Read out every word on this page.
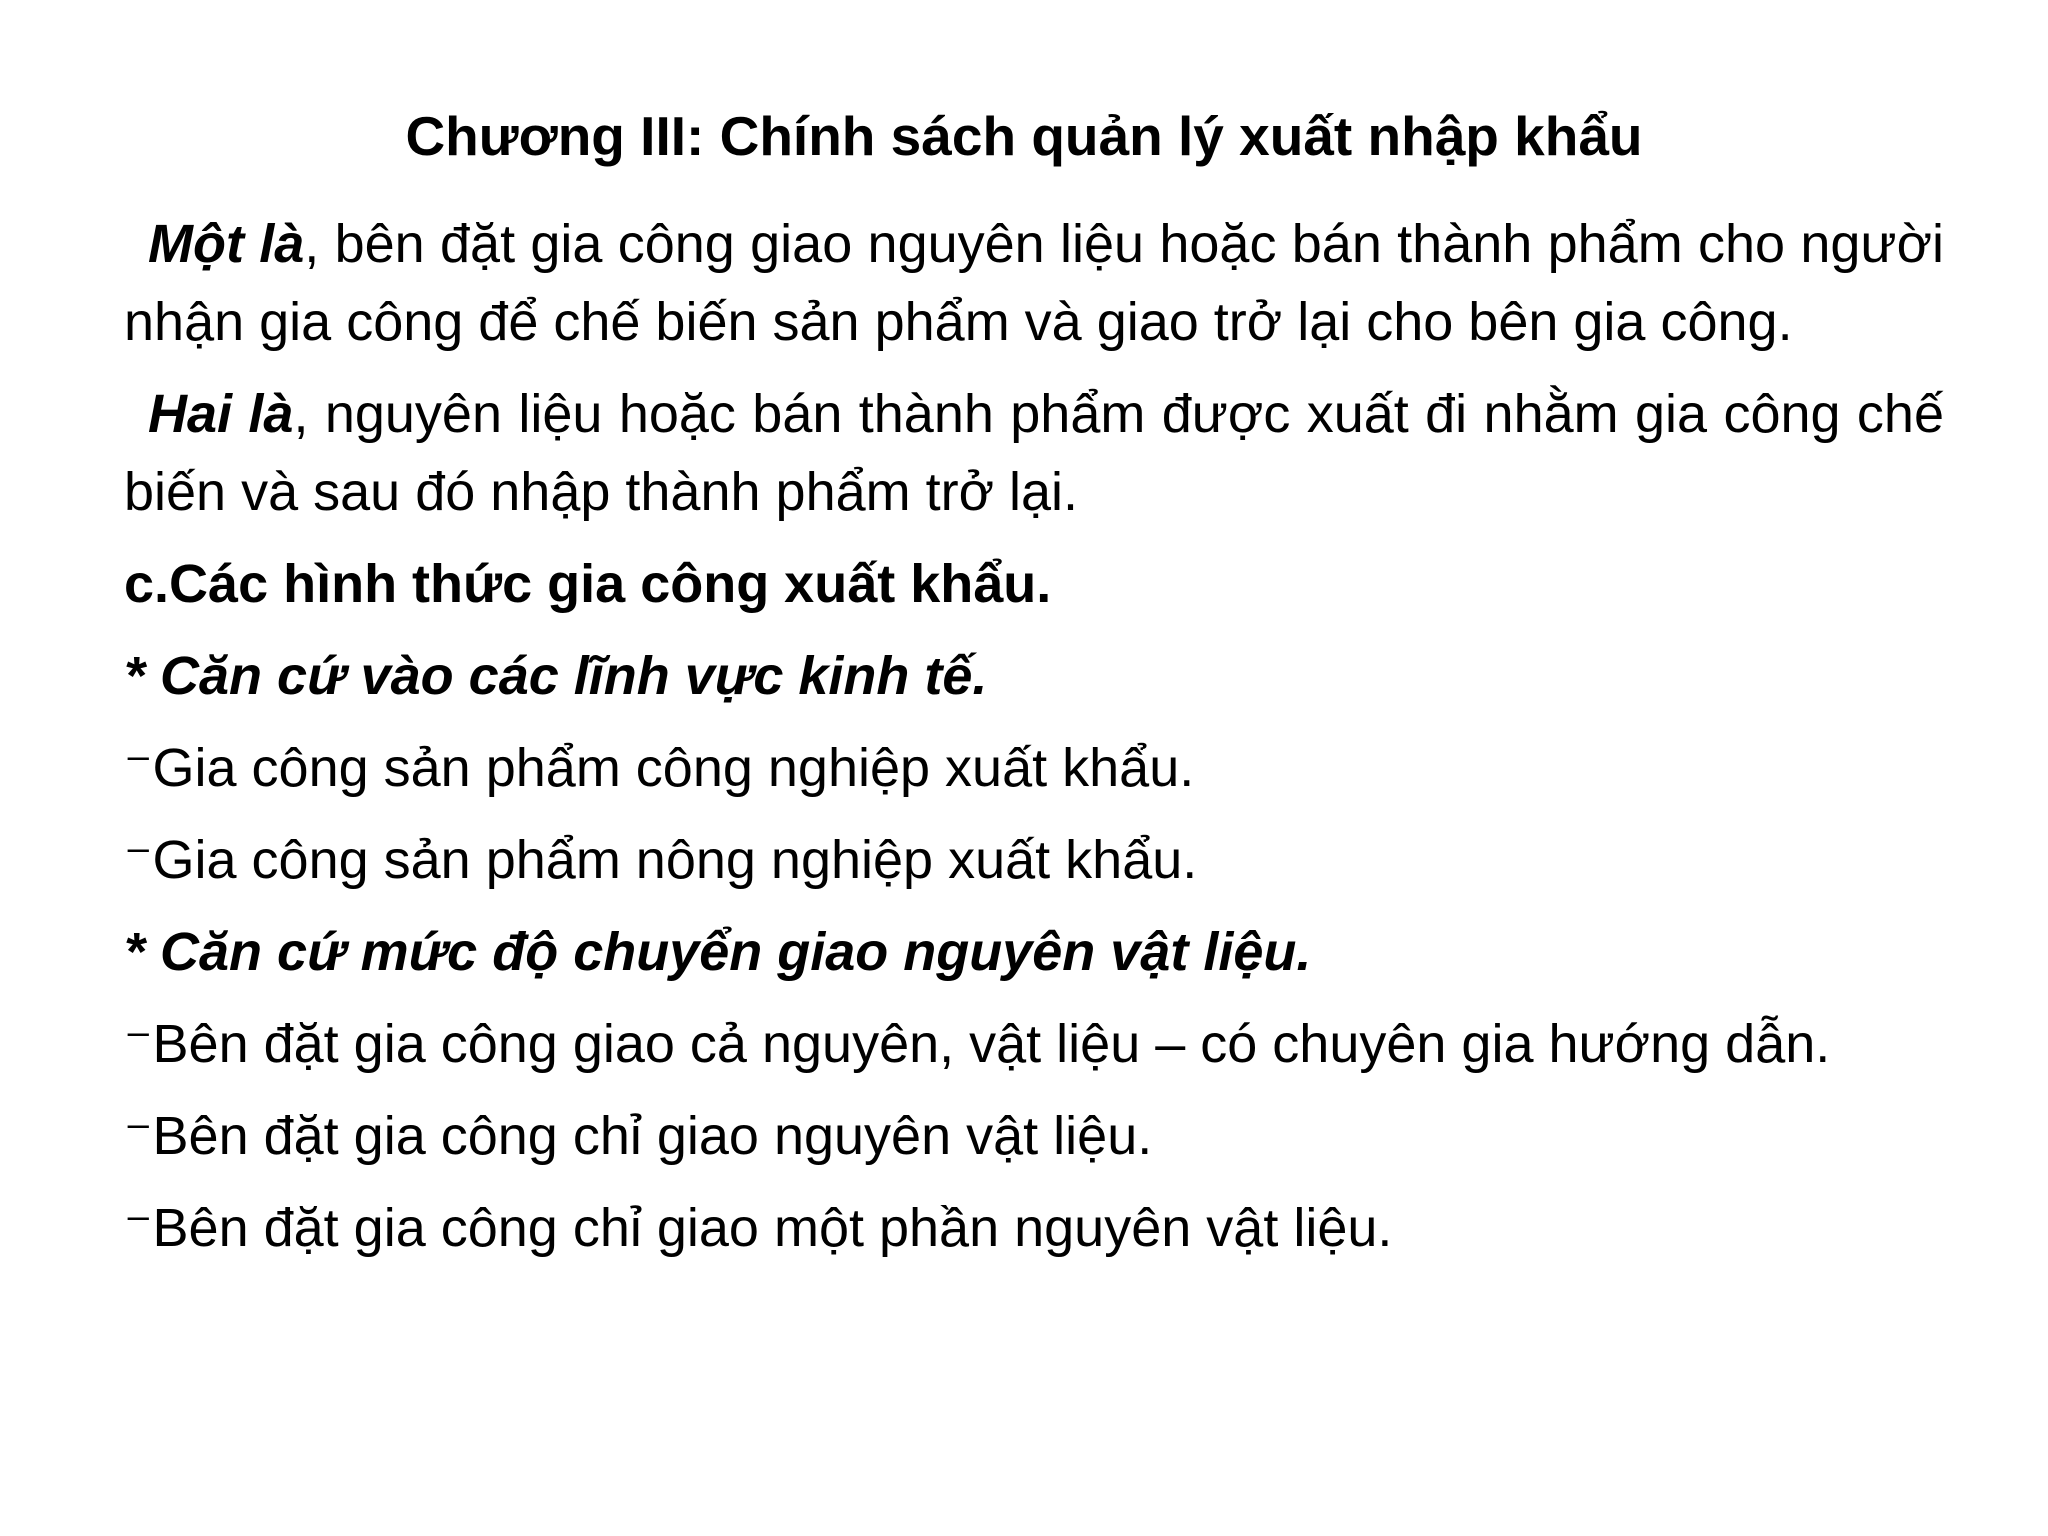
Chương III: Chính sách quản lý xuất nhập khẩu

Một là, bên đặt gia công giao nguyên liệu hoặc bán thành phẩm cho người nhận gia công để chế biến sản phẩm và giao trở lại cho bên gia công.

Hai là, nguyên liệu hoặc bán thành phẩm được xuất đi nhằm gia công chế biến và sau đó nhập thành phẩm trở lại.

c.Các hình thức gia công xuất khẩu.
* Căn cứ vào các lĩnh vực kinh tế.
⁻Gia công sản phẩm công nghiệp xuất khẩu.
⁻Gia công sản phẩm nông nghiệp xuất khẩu.
* Căn cứ mức độ chuyển giao nguyên vật liệu.

⁻Bên đặt gia công giao cả nguyên, vật liệu – có chuyên gia hướng dẫn.

⁻Bên đặt gia công chỉ giao nguyên vật liệu.
⁻Bên đặt gia công chỉ giao một phần nguyên vật liệu.
